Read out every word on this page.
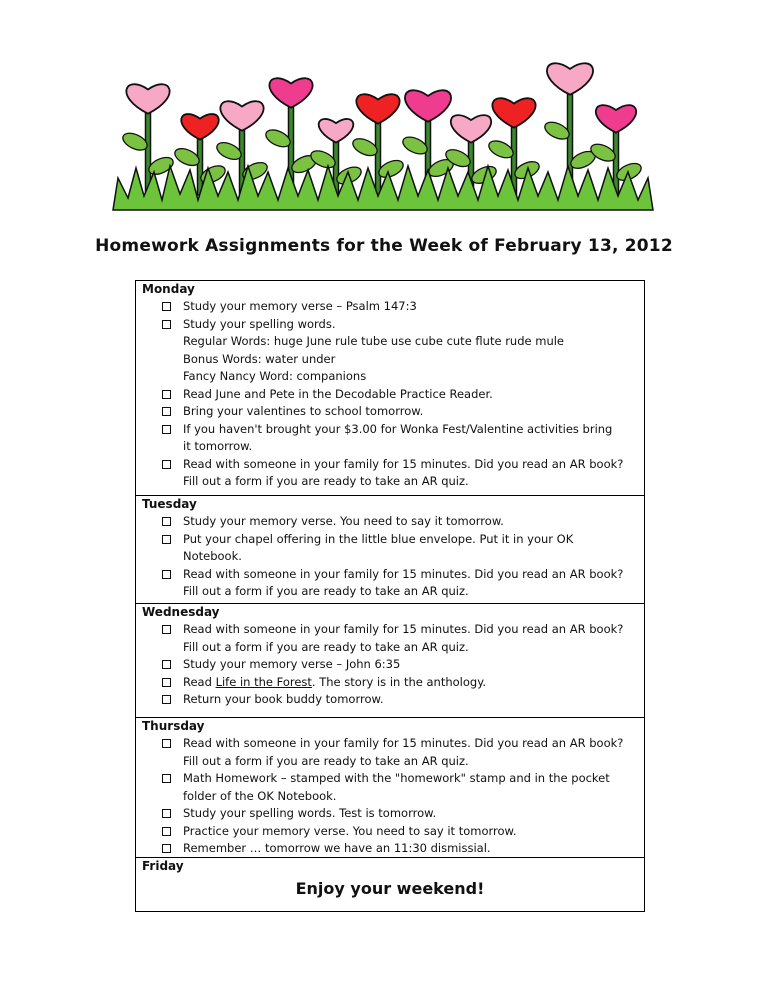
Homework Assignments for the Week of February 13, 2012
Monday
Study your memory verse – Psalm 147:3
Study your spelling words.
Regular Words: huge June rule tube use cube cute flute rude mule
Bonus Words: water under
Fancy Nancy Word: companions
Read June and Pete in the Decodable Practice Reader.
Bring your valentines to school tomorrow.
If you haven't brought your $3.00 for Wonka Fest/Valentine activities bring
it tomorrow.
Read with someone in your family for 15 minutes. Did you read an AR book?
Fill out a form if you are ready to take an AR quiz.
Tuesday
Study your memory verse. You need to say it tomorrow.
Put your chapel offering in the little blue envelope. Put it in your OK
Notebook.
Read with someone in your family for 15 minutes. Did you read an AR book?
Fill out a form if you are ready to take an AR quiz.
Wednesday
Read with someone in your family for 15 minutes. Did you read an AR book?
Fill out a form if you are ready to take an AR quiz.
Study your memory verse – John 6:35
Read Life in the Forest. The story is in the anthology.
Return your book buddy tomorrow.
Thursday
Read with someone in your family for 15 minutes. Did you read an AR book?
Fill out a form if you are ready to take an AR quiz.
Math Homework – stamped with the "homework" stamp and in the pocket
folder of the OK Notebook.
Study your spelling words. Test is tomorrow.
Practice your memory verse. You need to say it tomorrow.
Remember … tomorrow we have an 11:30 dismissial.
Friday
Enjoy your weekend!
